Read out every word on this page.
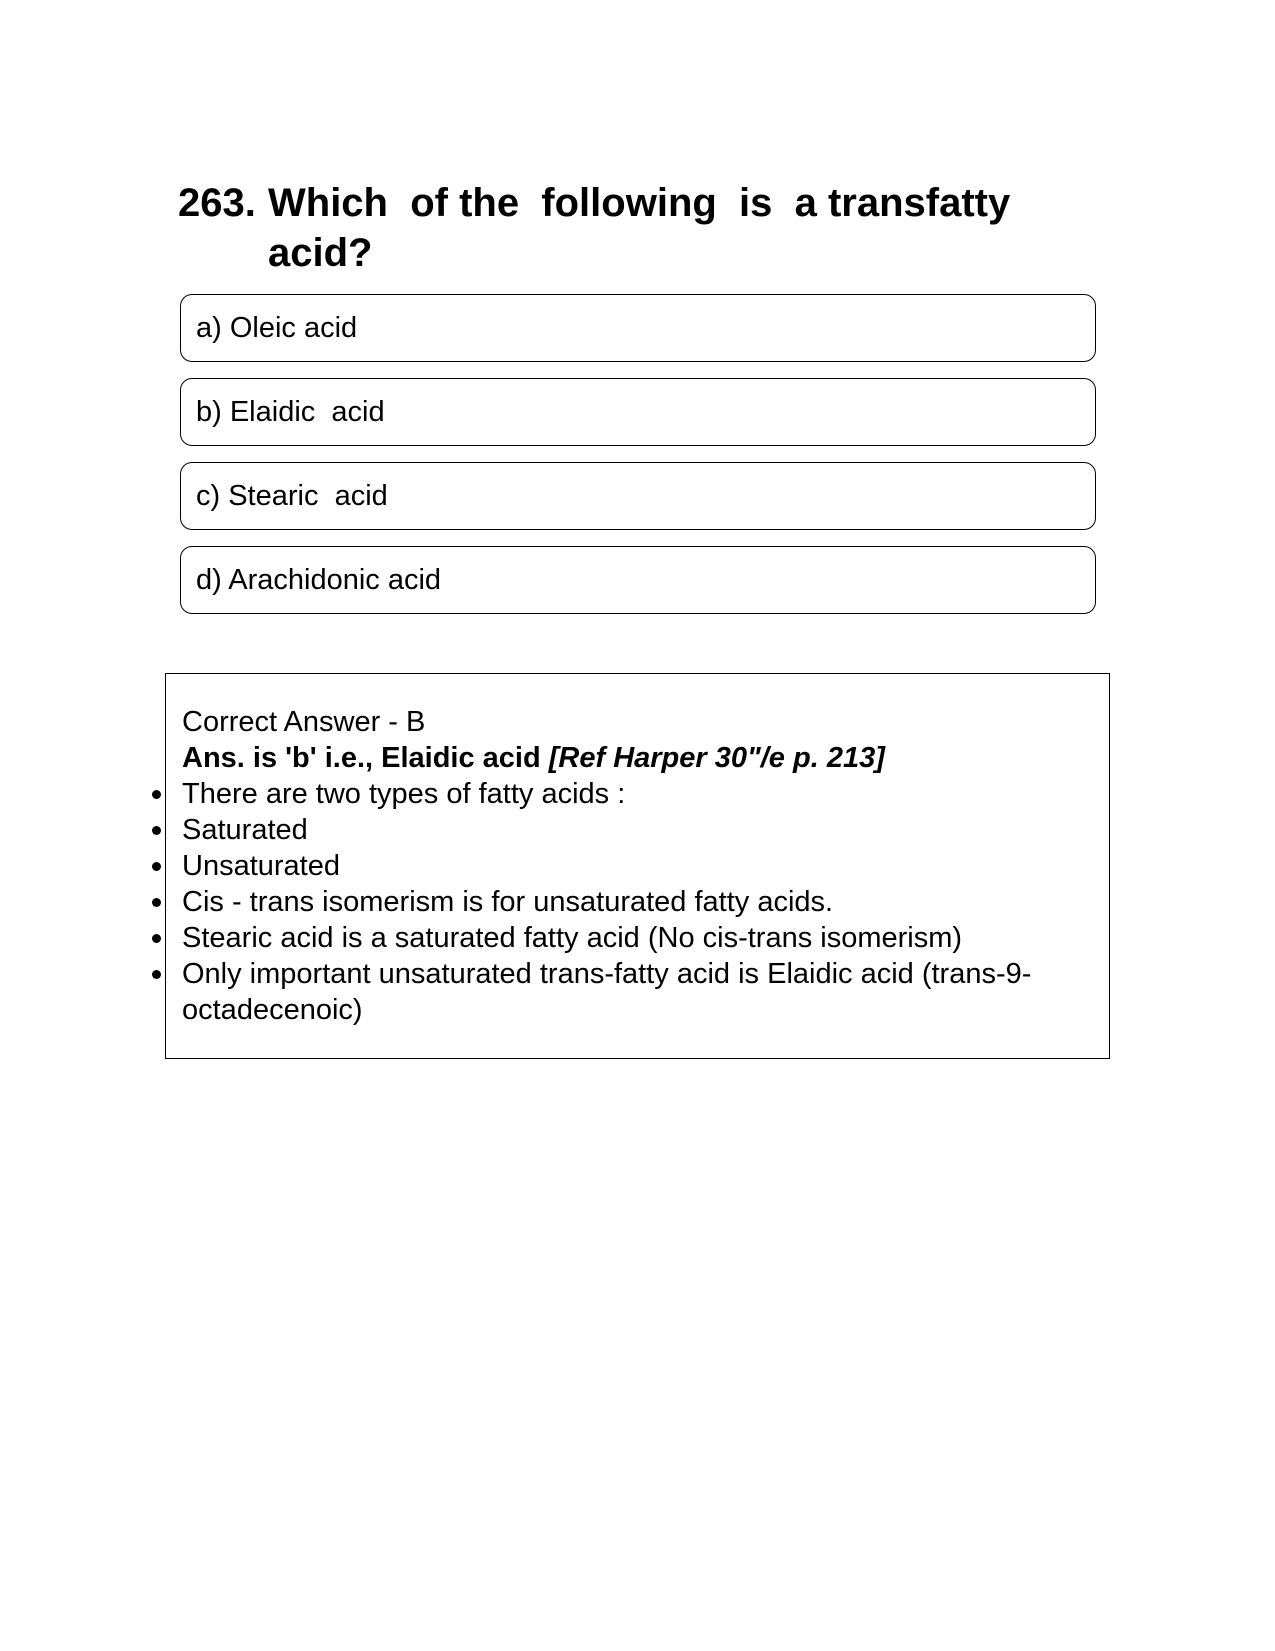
263. Which  of the  following  is  a transfatty acid?
a) Oleic acid
b) Elaidic  acid
c) Stearic  acid
d) Arachidonic acid
Correct Answer - B
Ans. is 'b' i.e., Elaidic acid [Ref Harper 30"/e p. 213]
There are two types of fatty acids :
Saturated
Unsaturated
Cis - trans isomerism is for unsaturated fatty acids.
Stearic acid is a saturated fatty acid (No cis-trans isomerism)
Only important unsaturated trans-fatty acid is Elaidic acid (trans-9-octadecenoic)
